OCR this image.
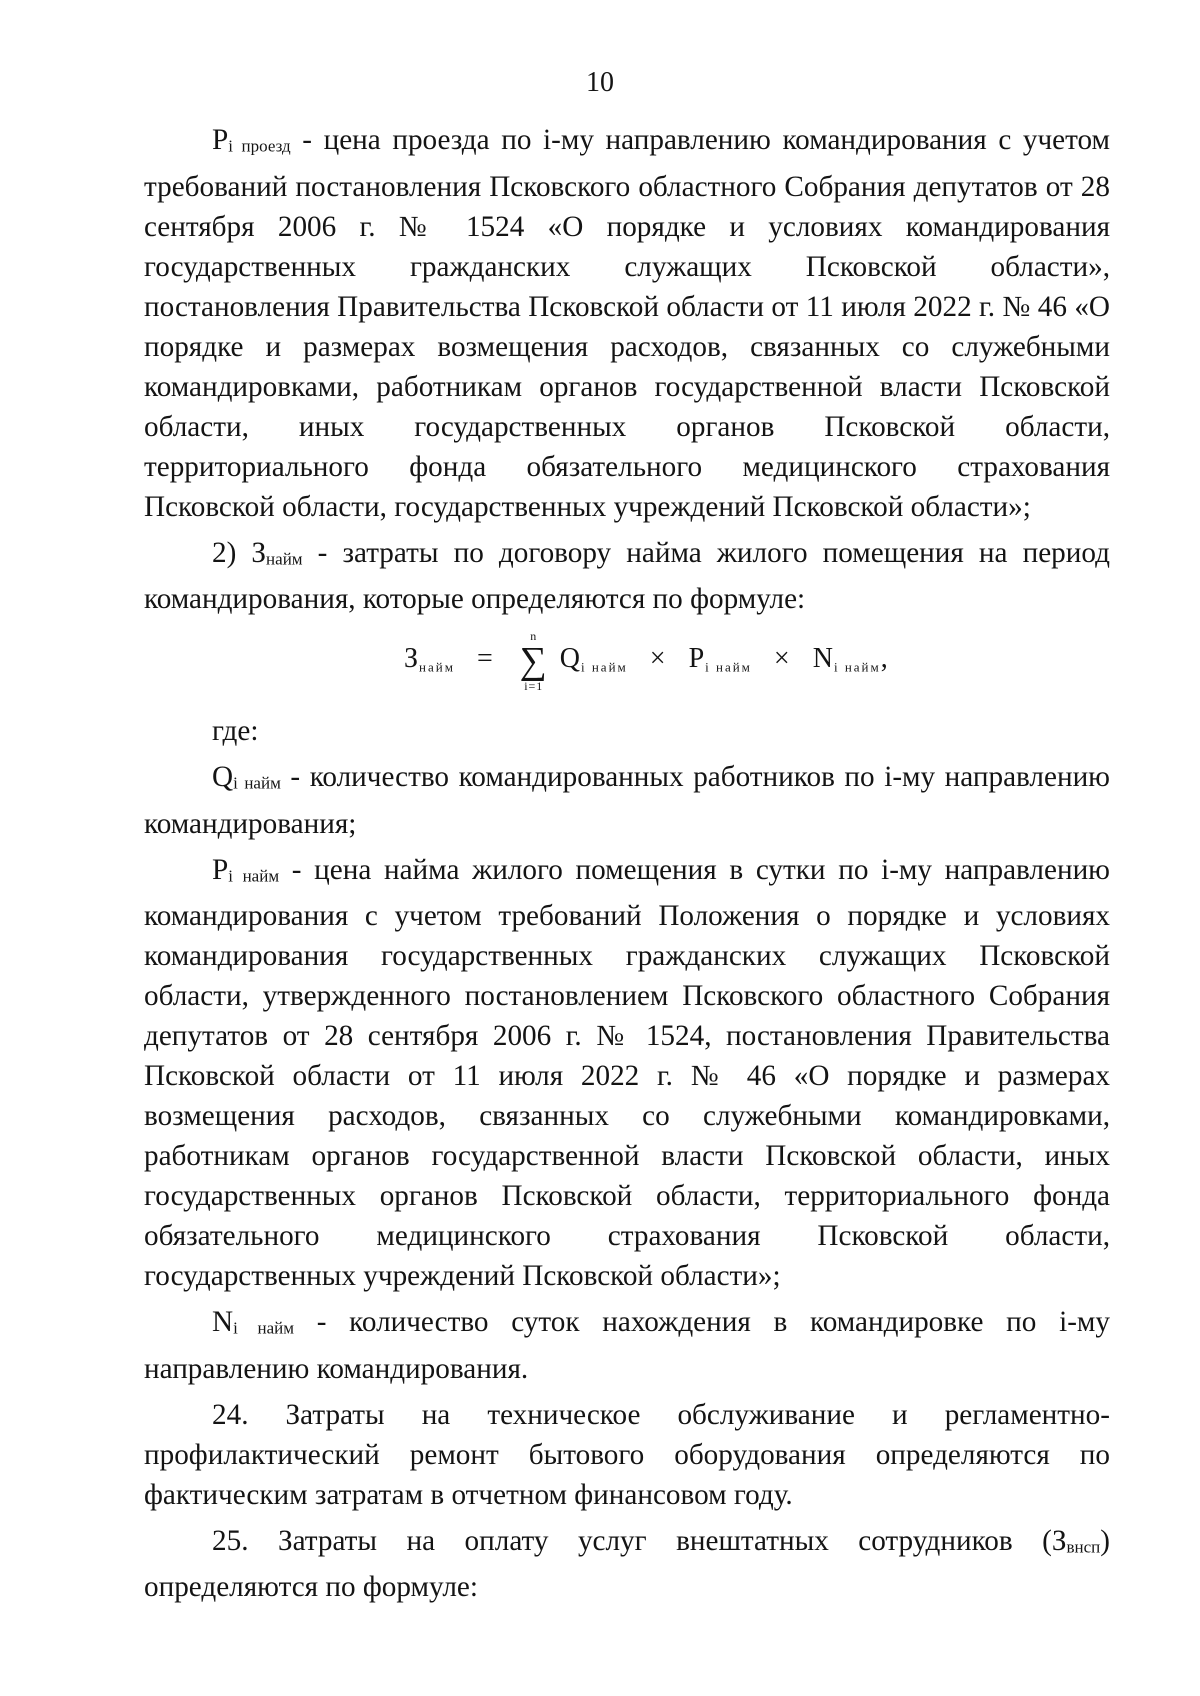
10

Pi проезд - цена проезда по i-му направлению командирования с учетом требований постановления Псковского областного Собрания депутатов от 28 сентября 2006 г. № 1524 «О порядке и условиях командирования государственных гражданских служащих Псковской области», постановления Правительства Псковской области от 11 июля 2022 г. № 46 «О порядке и размерах возмещения расходов, связанных со служебными командировками, работникам органов государственной власти Псковской области, иных государственных органов Псковской области, территориального фонда обязательного медицинского страхования Псковской области, государственных учреждений Псковской области»;

2) Знайм - затраты по договору найма жилого помещения на период командирования, которые определяются по формуле:

$З_{найм}$ =
n
∑
i=1
$Q_{i найм} \times P_{i найм} \times N_{i найм}$,

где:

Qi найм - количество командированных работников по i-му направлению командирования;

Pi найм - цена найма жилого помещения в сутки по i-му направлению командирования с учетом требований Положения о порядке и условиях командирования государственных гражданских служащих Псковской области, утвержденного постановлением Псковского областного Собрания депутатов от 28 сентября 2006 г. № 1524, постановления Правительства Псковской области от 11 июля 2022 г. № 46 «О порядке и размерах возмещения расходов, связанных со служебными командировками, работникам органов государственной власти Псковской области, иных государственных органов Псковской области, территориального фонда обязательного медицинского страхования Псковской области, государственных учреждений Псковской области»;

Ni найм - количество суток нахождения в командировке по i-му направлению командирования.

24. Затраты на техническое обслуживание и регламентно-профилактический ремонт бытового оборудования определяются по фактическим затратам в отчетном финансовом году.

25. Затраты на оплату услуг внештатных сотрудников (Звнсп) определяются по формуле:
